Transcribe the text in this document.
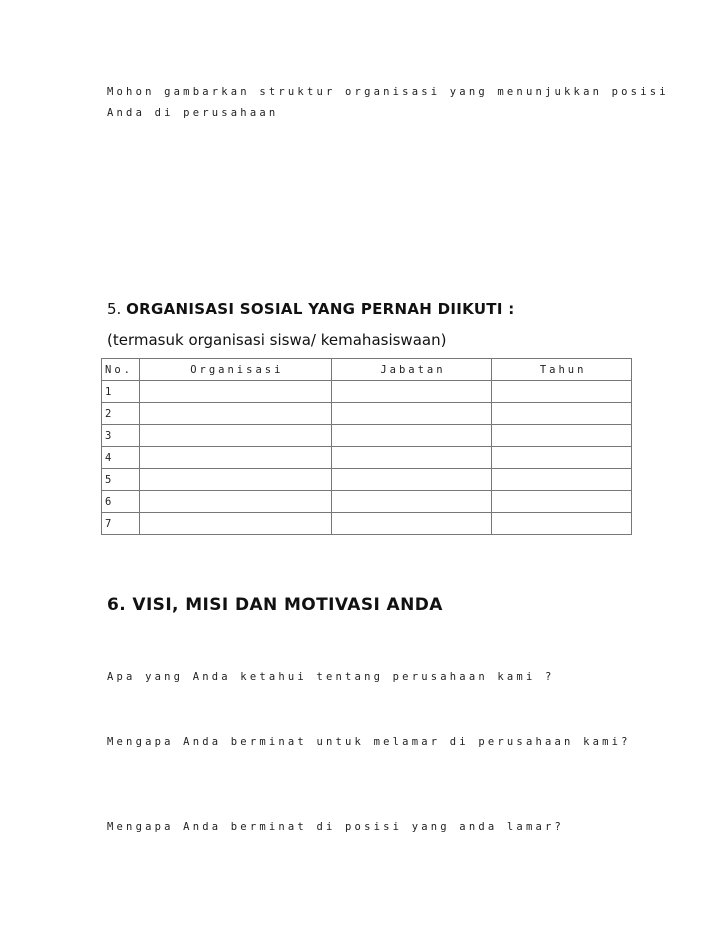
Mohon gambarkan struktur organisasi yang menunjukkan posisi
Anda di perusahaan
5. ORGANISASI SOSIAL YANG PERNAH DIIKUTI :
(termasuk organisasi siswa/ kemahasiswaan)
No.	Organisasi	Jabatan	Tahun
1			
2			
3			
4			
5			
6			
7			
6. VISI, MISI DAN MOTIVASI ANDA
Apa yang Anda ketahui tentang perusahaan kami ?
Mengapa Anda berminat untuk melamar di perusahaan kami?
Mengapa Anda berminat di posisi yang anda lamar?
